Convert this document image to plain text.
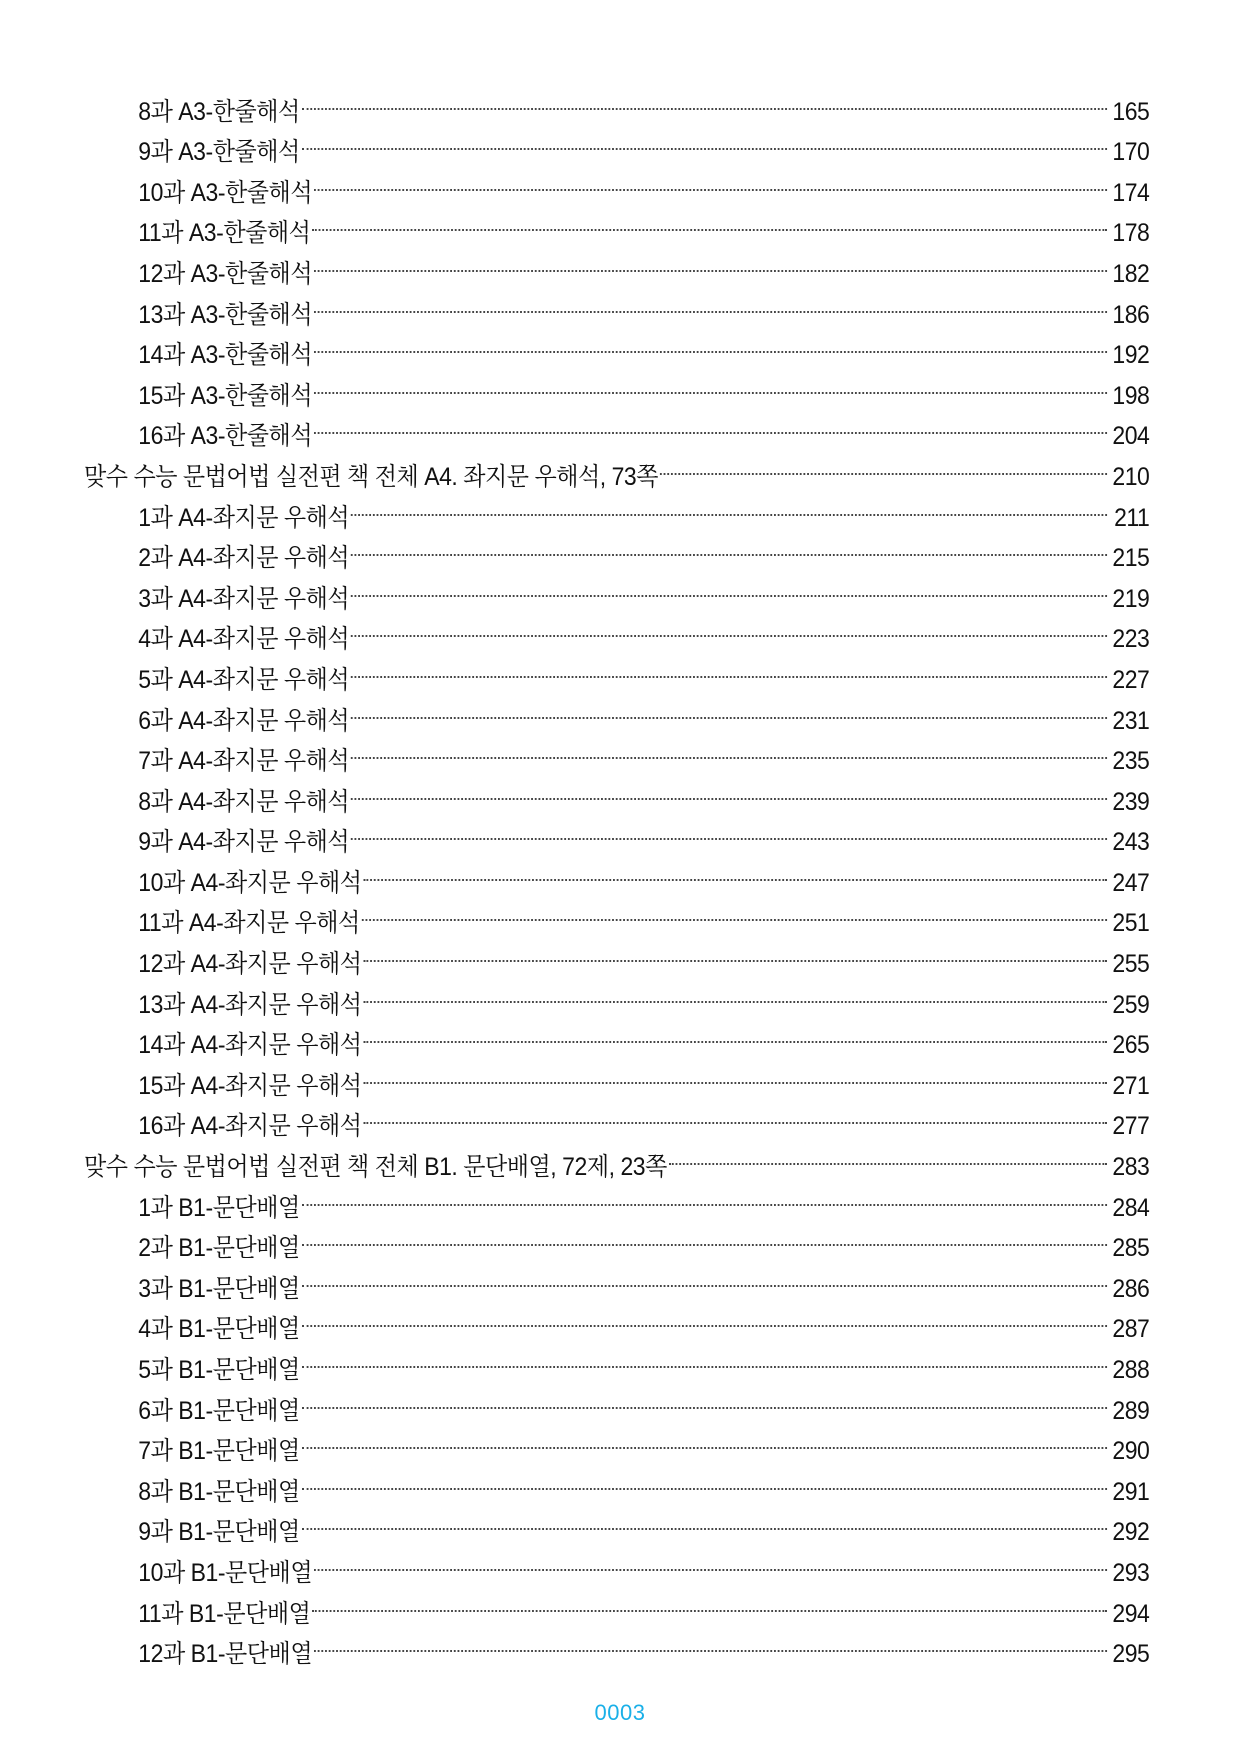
8과 A3-한줄해석	165
9과 A3-한줄해석	170
10과 A3-한줄해석	174
11과 A3-한줄해석	178
12과 A3-한줄해석	182
13과 A3-한줄해석	186
14과 A3-한줄해석	192
15과 A3-한줄해석	198
16과 A3-한줄해석	204
맞수 수능 문법어법 실전편 책 전체 A4. 좌지문 우해석, 73쪽	210
1과 A4-좌지문 우해석	211
2과 A4-좌지문 우해석	215
3과 A4-좌지문 우해석	219
4과 A4-좌지문 우해석	223
5과 A4-좌지문 우해석	227
6과 A4-좌지문 우해석	231
7과 A4-좌지문 우해석	235
8과 A4-좌지문 우해석	239
9과 A4-좌지문 우해석	243
10과 A4-좌지문 우해석	247
11과 A4-좌지문 우해석	251
12과 A4-좌지문 우해석	255
13과 A4-좌지문 우해석	259
14과 A4-좌지문 우해석	265
15과 A4-좌지문 우해석	271
16과 A4-좌지문 우해석	277
맞수 수능 문법어법 실전편 책 전체 B1. 문단배열, 72제, 23쪽	283
1과 B1-문단배열	284
2과 B1-문단배열	285
3과 B1-문단배열	286
4과 B1-문단배열	287
5과 B1-문단배열	288
6과 B1-문단배열	289
7과 B1-문단배열	290
8과 B1-문단배열	291
9과 B1-문단배열	292
10과 B1-문단배열	293
11과 B1-문단배열	294
12과 B1-문단배열	295
0003
